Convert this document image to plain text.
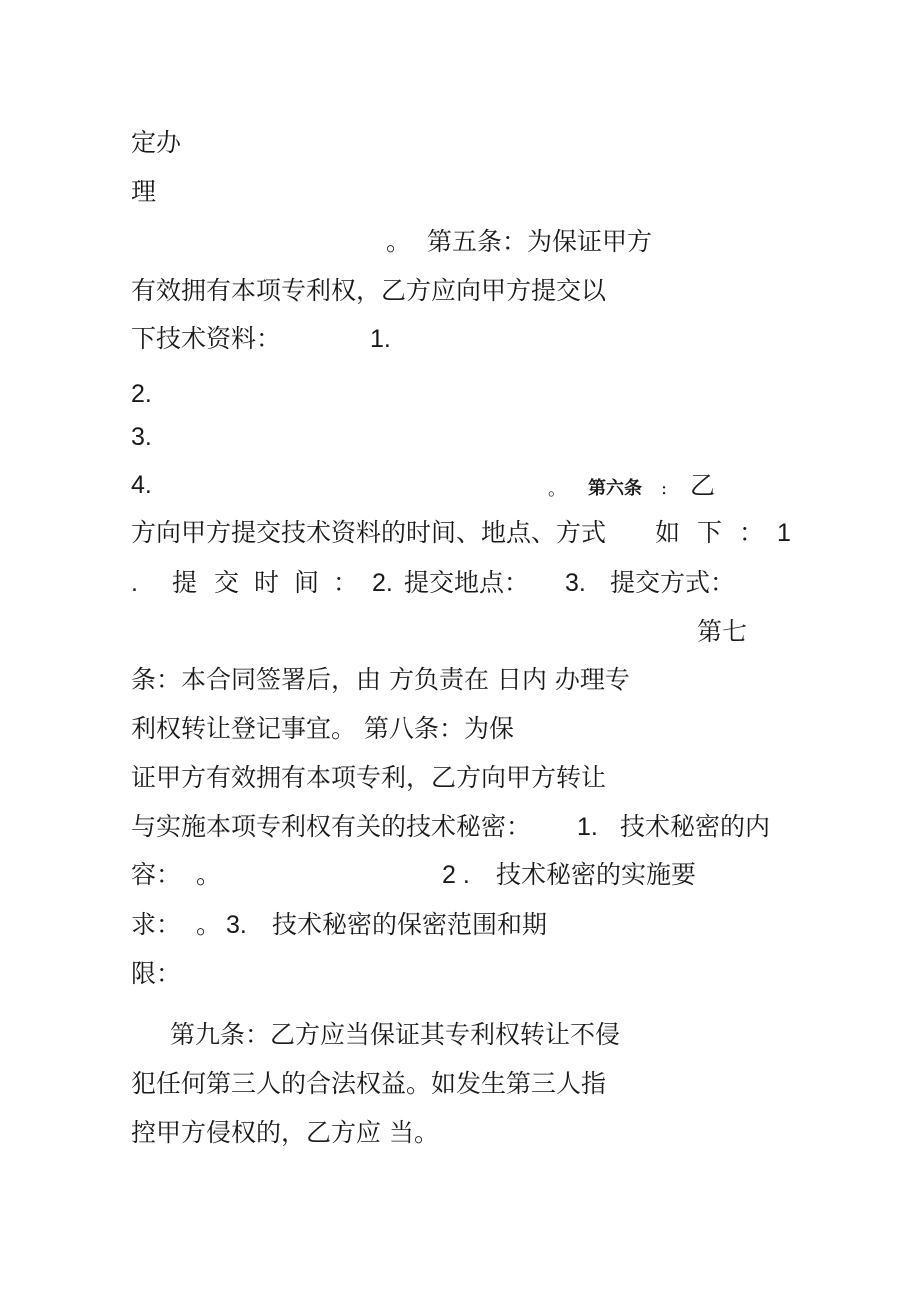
定办
理
。 第五条：为保证甲方
有效拥有本项专利权，乙方应向甲方提交以
下技术资料：	1.
2.
3.
4.	。 第六条 : 乙
方向甲方提交技术资料的时间、地点、方式 如 下 ： 1
. 提 交 时 间 ： 2. 提交地点： 3. 提交方式：
第七
条：本合同签署后，由 方负责在 日内 办理专
利权转让登记事宜。 第八条：为保
证甲方有效拥有本项专利，乙方向甲方转让
与实施本项专利权有关的技术秘密： 1. 技术秘密的内
容： 。	2 . 技术秘密的实施要
求： 。 3. 技术秘密的保密范围和期
限：
第九条：乙方应当保证其专利权转让不侵
犯任何第三人的合法权益。如发生第三人指
控甲方侵权的，乙方应 当。
